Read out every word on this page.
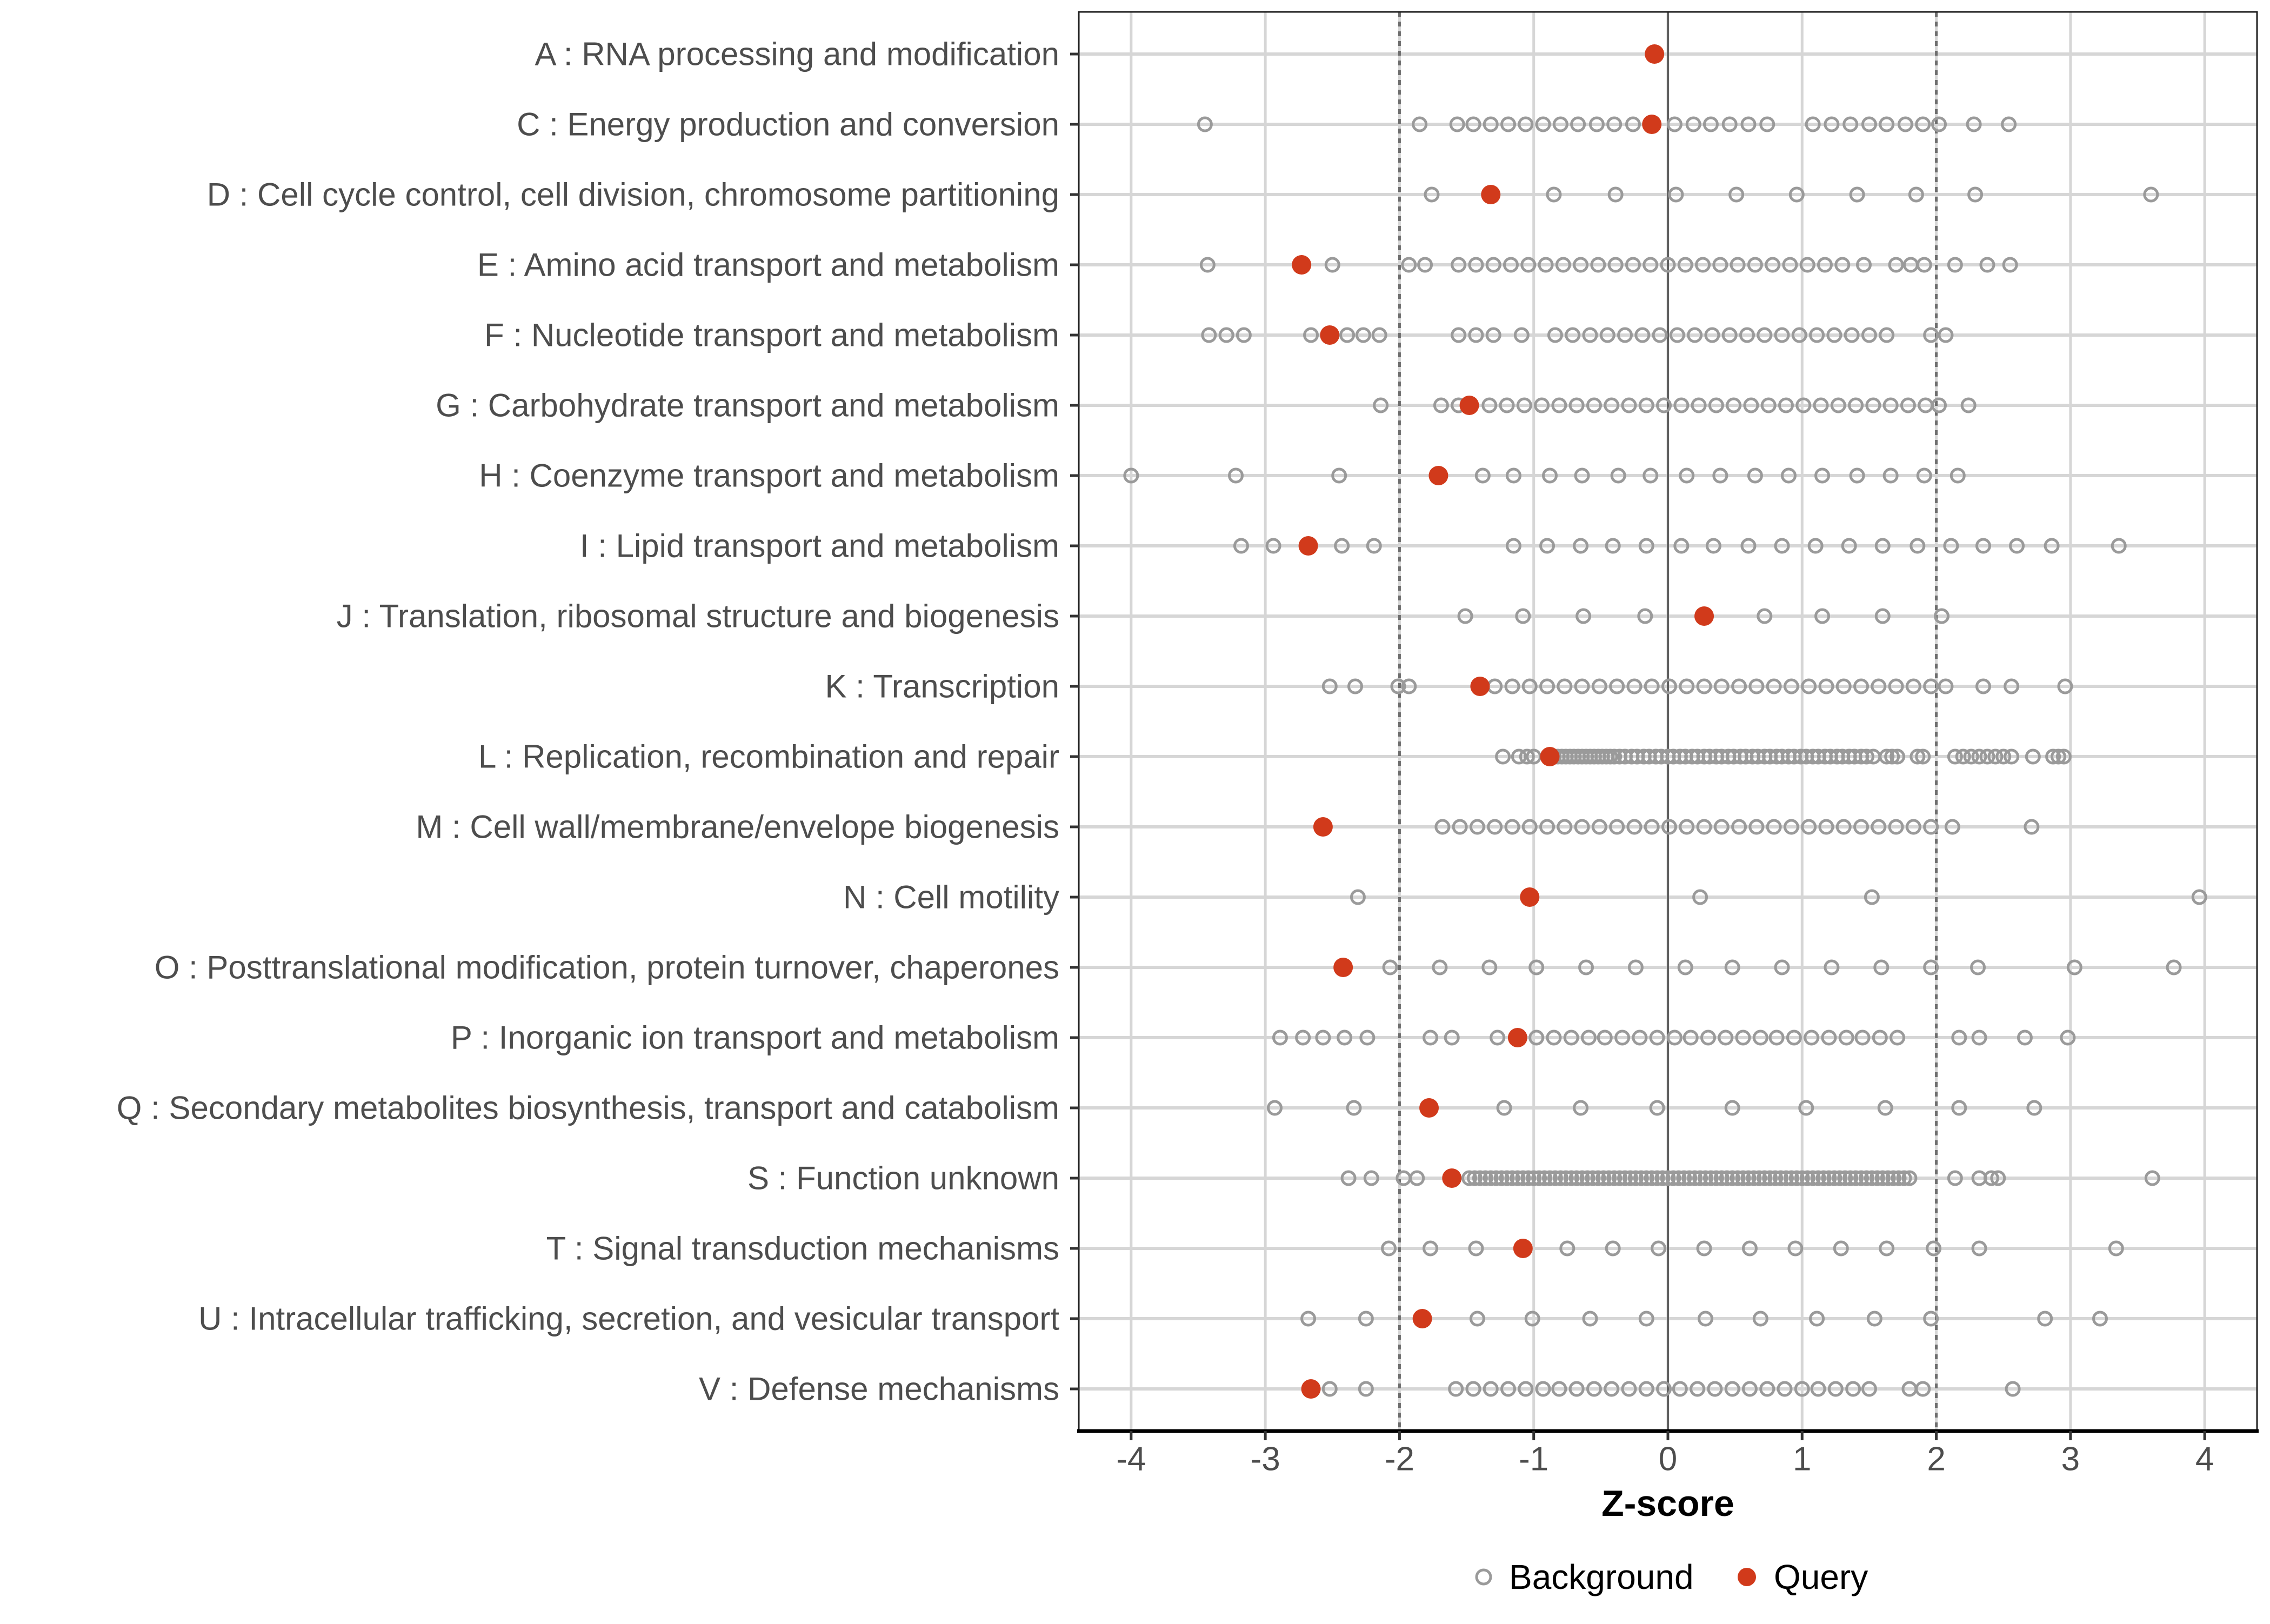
-4	-3	-2	-1	0	1	2	3	4
A : RNA processing and modification
C : Energy production and conversion
D : Cell cycle control, cell division, chromosome partitioning
E : Amino acid transport and metabolism
F : Nucleotide transport and metabolism
G : Carbohydrate transport and metabolism
H : Coenzyme transport and metabolism
I : Lipid transport and metabolism
J : Translation, ribosomal structure and biogenesis
K : Transcription
L : Replication, recombination and repair
M : Cell wall/membrane/envelope biogenesis
N : Cell motility
O : Posttranslational modification, protein turnover, chaperones
P : Inorganic ion transport and metabolism
Q : Secondary metabolites biosynthesis, transport and catabolism
S : Function unknown
T : Signal transduction mechanisms
U : Intracellular trafficking, secretion, and vesicular transport
V : Defense mechanisms
Z-score
Background Query
